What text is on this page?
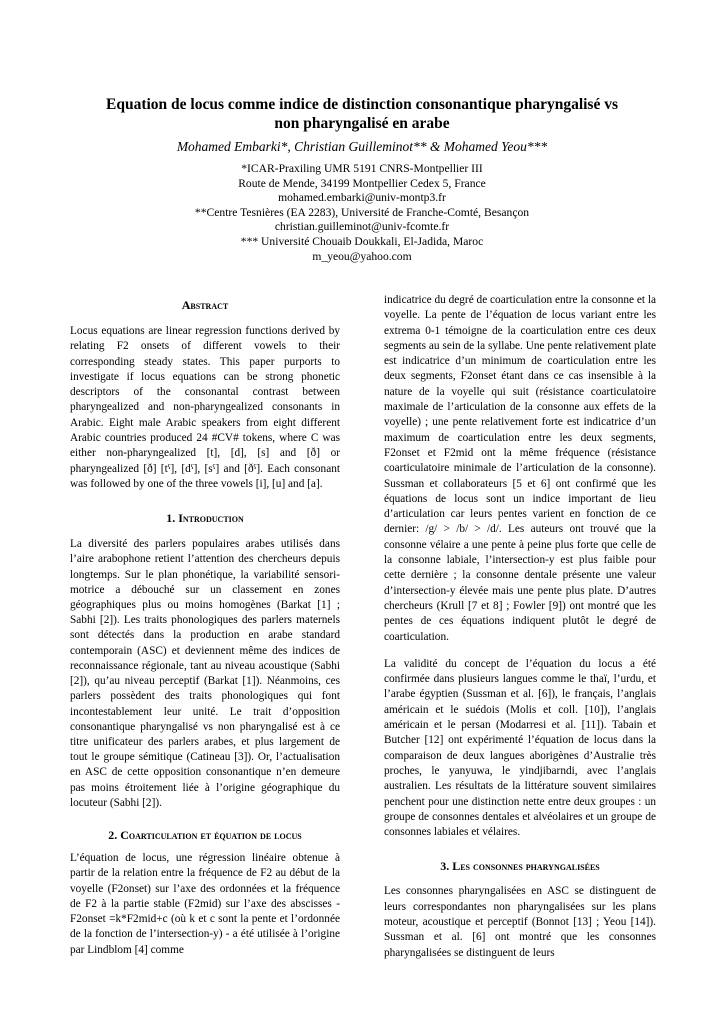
Equation de locus comme indice de distinction consonantique pharyngalisé vs
non pharyngalisé en arabe
Mohamed Embarki*, Christian Guilleminot** & Mohamed Yeou***
*ICAR-Praxiling UMR 5191 CNRS-Montpellier III
Route de Mende, 34199 Montpellier Cedex 5, France
mohamed.embarki@univ-montp3.fr
**Centre Tesnières (EA 2283), Université de Franche-Comté, Besançon
christian.guilleminot@univ-fcomte.fr
*** Université Chouaib Doukkali, El-Jadida, Maroc
m_yeou@yahoo.com
Abstract

Locus equations are linear regression functions derived by relating F2 onsets of different vowels to their corresponding steady states. This paper purports to investigate if locus equations can be strong phonetic descriptors of the consonantal contrast between pharyngealized and non-pharyngealized consonants in Arabic. Eight male Arabic speakers from eight different Arabic countries produced 24 #CV# tokens, where C was either non-pharyngealized [t], [d], [s] and [ð] or pharyngealized [ð] [tˤ], [dˤ], [sˤ] and [ðˤ]. Each consonant was followed by one of the three vowels [i], [u] and [a].

1. Introduction

La diversité des parlers populaires arabes utilisés dans l’aire arabophone retient l’attention des chercheurs depuis longtemps. Sur le plan phonétique, la variabilité sensori-motrice a débouché sur un classement en zones géographiques plus ou moins homogènes (Barkat [1] ; Sabhi [2]). Les traits phonologiques des parlers maternels sont détectés dans la production en arabe standard contemporain (ASC) et deviennent même des indices de reconnaissance régionale, tant au niveau acoustique (Sabhi [2]), qu’au niveau perceptif (Barkat [1]). Néanmoins, ces parlers possèdent des traits phonologiques qui font incontestablement leur unité. Le trait d’opposition consonantique pharyngalisé vs non pharyngalisé est à ce titre unificateur des parlers arabes, et plus largement de tout le groupe sémitique (Catineau [3]). Or, l’actualisation en ASC de cette opposition consonantique n’en demeure pas moins étroitement liée à l’origine géographique du locuteur (Sabhi [2]).

2. Coarticulation et équation de locus

L’équation de locus, une régression linéaire obtenue à partir de la relation entre la fréquence de F2 au début de la voyelle (F2onset) sur l’axe des ordonnées et la fréquence de F2 à la partie stable (F2mid) sur l’axe des abscisses - F2onset =k*F2mid+c (où k et c sont la pente et l’ordonnée de la fonction de l’intersection-y) - a été utilisée à l’origine par Lindblom [4] comme

indicatrice du degré de coarticulation entre la consonne et la voyelle. La pente de l’équation de locus variant entre les extrema 0-1 témoigne de la coarticulation entre ces deux segments au sein de la syllabe. Une pente relativement plate est indicatrice d’un minimum de coarticulation entre les deux segments, F2onset étant dans ce cas insensible à la nature de la voyelle qui suit (résistance coarticulatoire maximale de l’articulation de la consonne aux effets de la voyelle) ; une pente relativement forte est indicatrice d’un maximum de coarticulation entre les deux segments, F2onset et F2mid ont la même fréquence (résistance coarticulatoire minimale de l’articulation de la consonne). Sussman et collaborateurs [5 et 6] ont confirmé que les équations de locus sont un indice important de lieu d’articulation car leurs pentes varient en fonction de ce dernier: /g/ > /b/ > /d/. Les auteurs ont trouvé que la consonne vélaire a une pente à peine plus forte que celle de la consonne labiale, l’intersection-y est plus faible pour cette dernière ; la consonne dentale présente une valeur d’intersection-y élevée mais une pente plus plate. D’autres chercheurs (Krull [7 et 8] ; Fowler [9]) ont montré que les pentes de ces équations indiquent plutôt le degré de coarticulation.

La validité du concept de l’équation du locus a été confirmée dans plusieurs langues comme le thaï, l’urdu, et l’arabe égyptien (Sussman et al. [6]), le français, l’anglais américain et le suédois (Molis et coll. [10]), l’anglais américain et le persan (Modarresi et al. [11]). Tabain et Butcher [12] ont expérimenté l’équation de locus dans la comparaison de deux langues aborigènes d’Australie très proches, le yanyuwa, le yindjibarndi, avec l’anglais australien. Les résultats de la littérature souvent similaires penchent pour une distinction nette entre deux groupes : un groupe de consonnes dentales et alvéolaires et un groupe de consonnes labiales et vélaires.

3. Les consonnes pharyngalisées

Les consonnes pharyngalisées en ASC se distinguent de leurs correspondantes non pharyngalisées sur les plans moteur, acoustique et perceptif (Bonnot [13] ; Yeou [14]). Sussman et al. [6] ont montré que les consonnes pharyngalisées se distinguent de leurs
